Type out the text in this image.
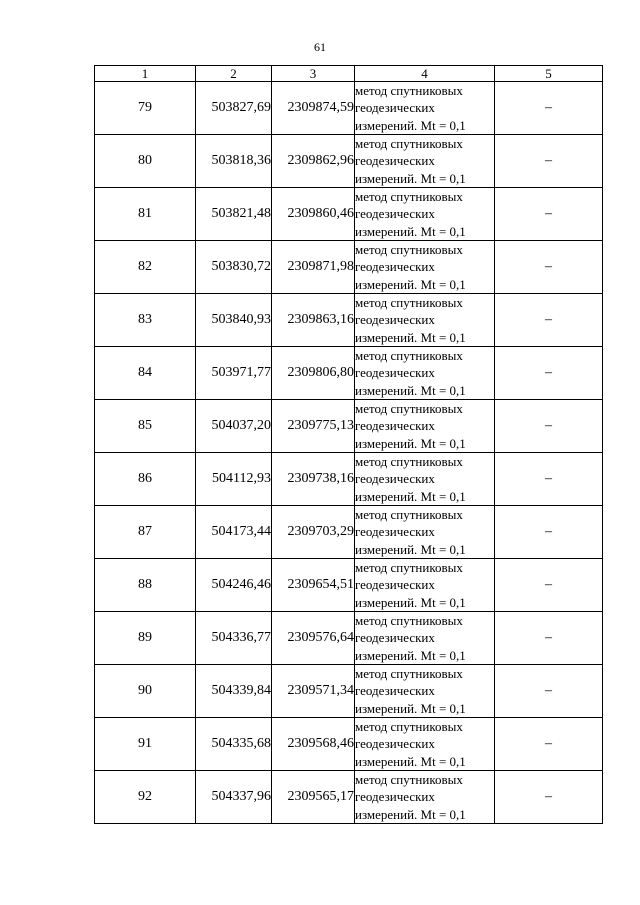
61
1	2	3	4	5
79	503827,69	2309874,59	метод спутниковых
геодезических
измерений. Mt = 0,1	–
80	503818,36	2309862,96	метод спутниковых
геодезических
измерений. Mt = 0,1	–
81	503821,48	2309860,46	метод спутниковых
геодезических
измерений. Mt = 0,1	–
82	503830,72	2309871,98	метод спутниковых
геодезических
измерений. Mt = 0,1	–
83	503840,93	2309863,16	метод спутниковых
геодезических
измерений. Mt = 0,1	–
84	503971,77	2309806,80	метод спутниковых
геодезических
измерений. Mt = 0,1	–
85	504037,20	2309775,13	метод спутниковых
геодезических
измерений. Mt = 0,1	–
86	504112,93	2309738,16	метод спутниковых
геодезических
измерений. Mt = 0,1	–
87	504173,44	2309703,29	метод спутниковых
геодезических
измерений. Mt = 0,1	–
88	504246,46	2309654,51	метод спутниковых
геодезических
измерений. Mt = 0,1	–
89	504336,77	2309576,64	метод спутниковых
геодезических
измерений. Mt = 0,1	–
90	504339,84	2309571,34	метод спутниковых
геодезических
измерений. Mt = 0,1	–
91	504335,68	2309568,46	метод спутниковых
геодезических
измерений. Mt = 0,1	–
92	504337,96	2309565,17	метод спутниковых
геодезических
измерений. Mt = 0,1	–
